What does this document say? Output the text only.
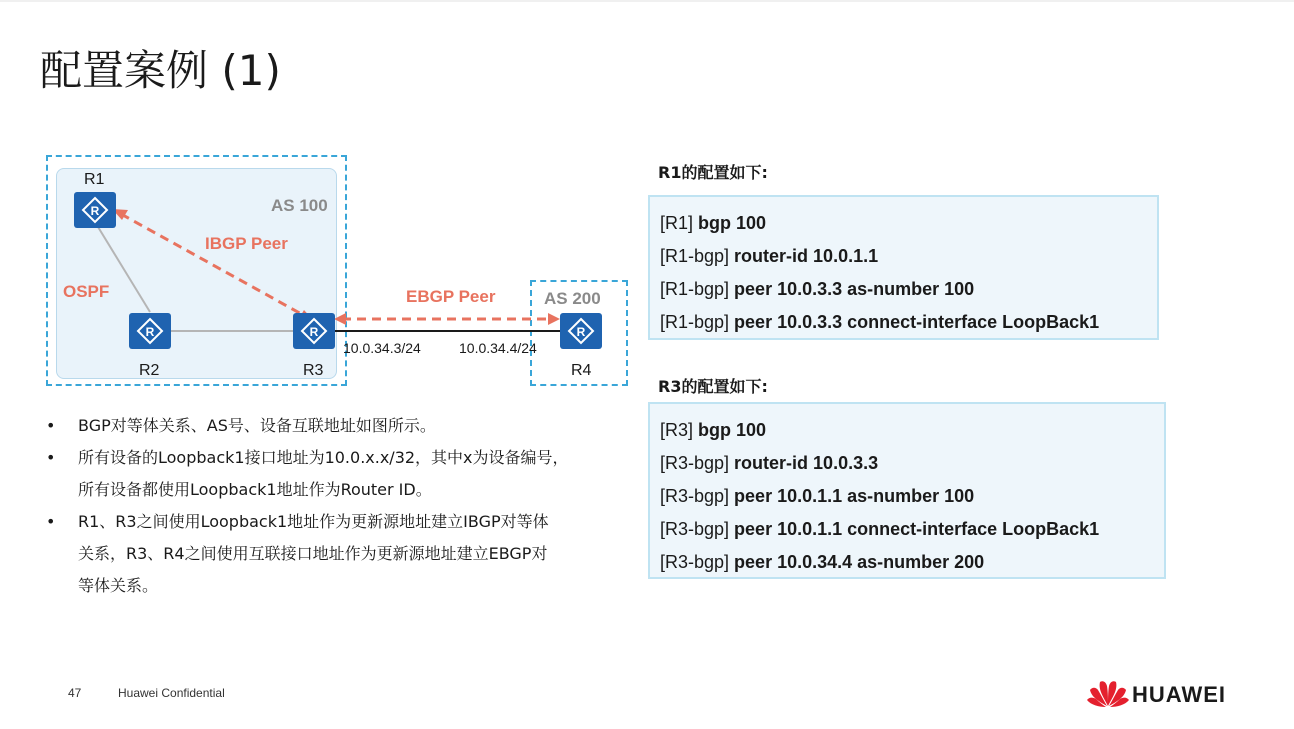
配置案例 (1)
R
R	R	R
R1
R2	R3	R4
AS 100
AS 200
OSPF
IBGP Peer
EBGP Peer
10.0.34.3/24	10.0.34.4/24
• BGP对等体关系、AS号、设备互联地址如图所示。
• 所有设备的Loopback1接口地址为10.0.x.x/32，其中x为设备编号，
所有设备都使用Loopback1地址作为Router ID。
• R1、R3之间使用Loopback1地址作为更新源地址建立IBGP对等体
关系，R3、R4之间使用互联接口地址作为更新源地址建立EBGP对
等体关系。
R1的配置如下:
[R1] bgp 100
[R1-bgp] router-id 10.0.1.1
[R1-bgp] peer 10.0.3.3 as-number 100
[R1-bgp] peer 10.0.3.3 connect-interface LoopBack1
R3的配置如下:
[R3] bgp 100
[R3-bgp] router-id 10.0.3.3
[R3-bgp] peer 10.0.1.1 as-number 100
[R3-bgp] peer 10.0.1.1 connect-interface LoopBack1
[R3-bgp] peer 10.0.34.4 as-number 200
47	Huawei Confidential	HUAWEI
